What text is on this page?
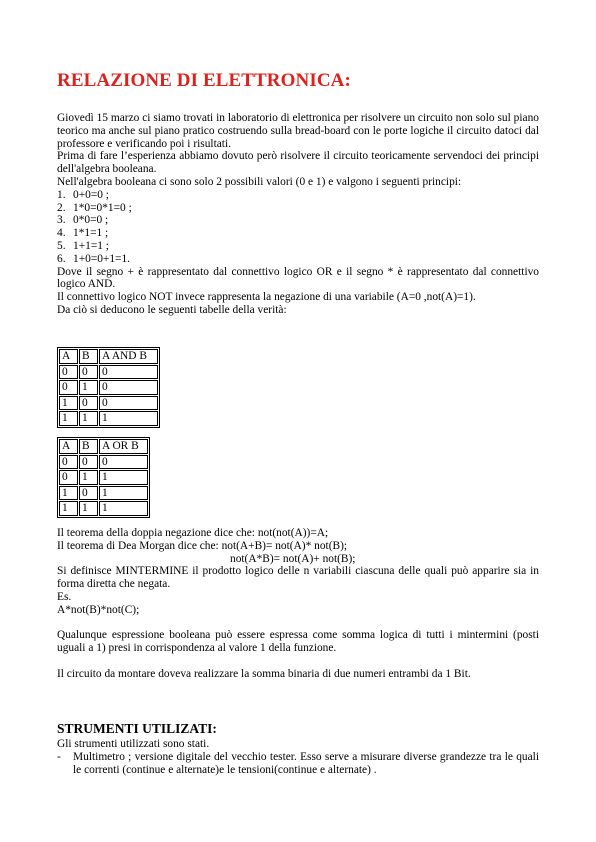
RELAZIONE DI ELETTRONICA:

Giovedì 15 marzo ci siamo trovati in laboratorio di elettronica per risolvere un circuito non solo sul piano teorico ma anche sul piano pratico costruendo sulla bread-board con le porte logiche il circuito datoci dal professore e verificando poi i risultati.

Prima di fare l’esperienza abbiamo dovuto però risolvere il circuito teoricamente servendoci dei principi dell'algebra booleana.

Nell'algebra booleana ci sono solo 2 possibili valori (0 e 1) e valgono i seguenti principi:

1. 0+0=0 ;
2. 1*0=0*1=0 ;
3. 0*0=0 ;
4. 1*1=1 ;
5. 1+1=1 ;
6. 1+0=0+1=1.

Dove il segno + è rappresentato dal connettivo logico OR e il segno * è rappresentato dal connettivo logico AND.

Il connettivo logico NOT invece rappresenta la negazione di una variabile (A=0 ,not(A)=1).

Da ciò si deducono le seguenti tabelle della verità:

A	B	A AND B
0	0	0
0	1	0
1	0	0
1	1	1
A	B	A OR B
0	0	0
0	1	1
1	0	1
1	1	1

Il teorema della doppia negazione dice che: not(not(A))=A;

Il teorema di Dea Morgan dice che: not(A+B)= not(A)* not(B);

not(A*B)= not(A)+ not(B);

Si definisce MINTERMINE il prodotto logico delle n variabili ciascuna delle quali può apparire sia in forma diretta che negata.

Es.

A*not(B)*not(C);

Qualunque espressione booleana può essere espressa come somma logica di tutti i mintermini (posti uguali a 1) presi in corrispondenza al valore 1 della funzione.

Il circuito da montare doveva realizzare la somma binaria di due numeri entrambi da 1 Bit.

STRUMENTI UTILIZATI:

Gli strumenti utilizzati sono stati.

-	Multimetro ; versione digitale del vecchio tester. Esso serve a misurare diverse grandezze tra le quali le correnti (continue e alternate)e le tensioni(continue e alternate) .
